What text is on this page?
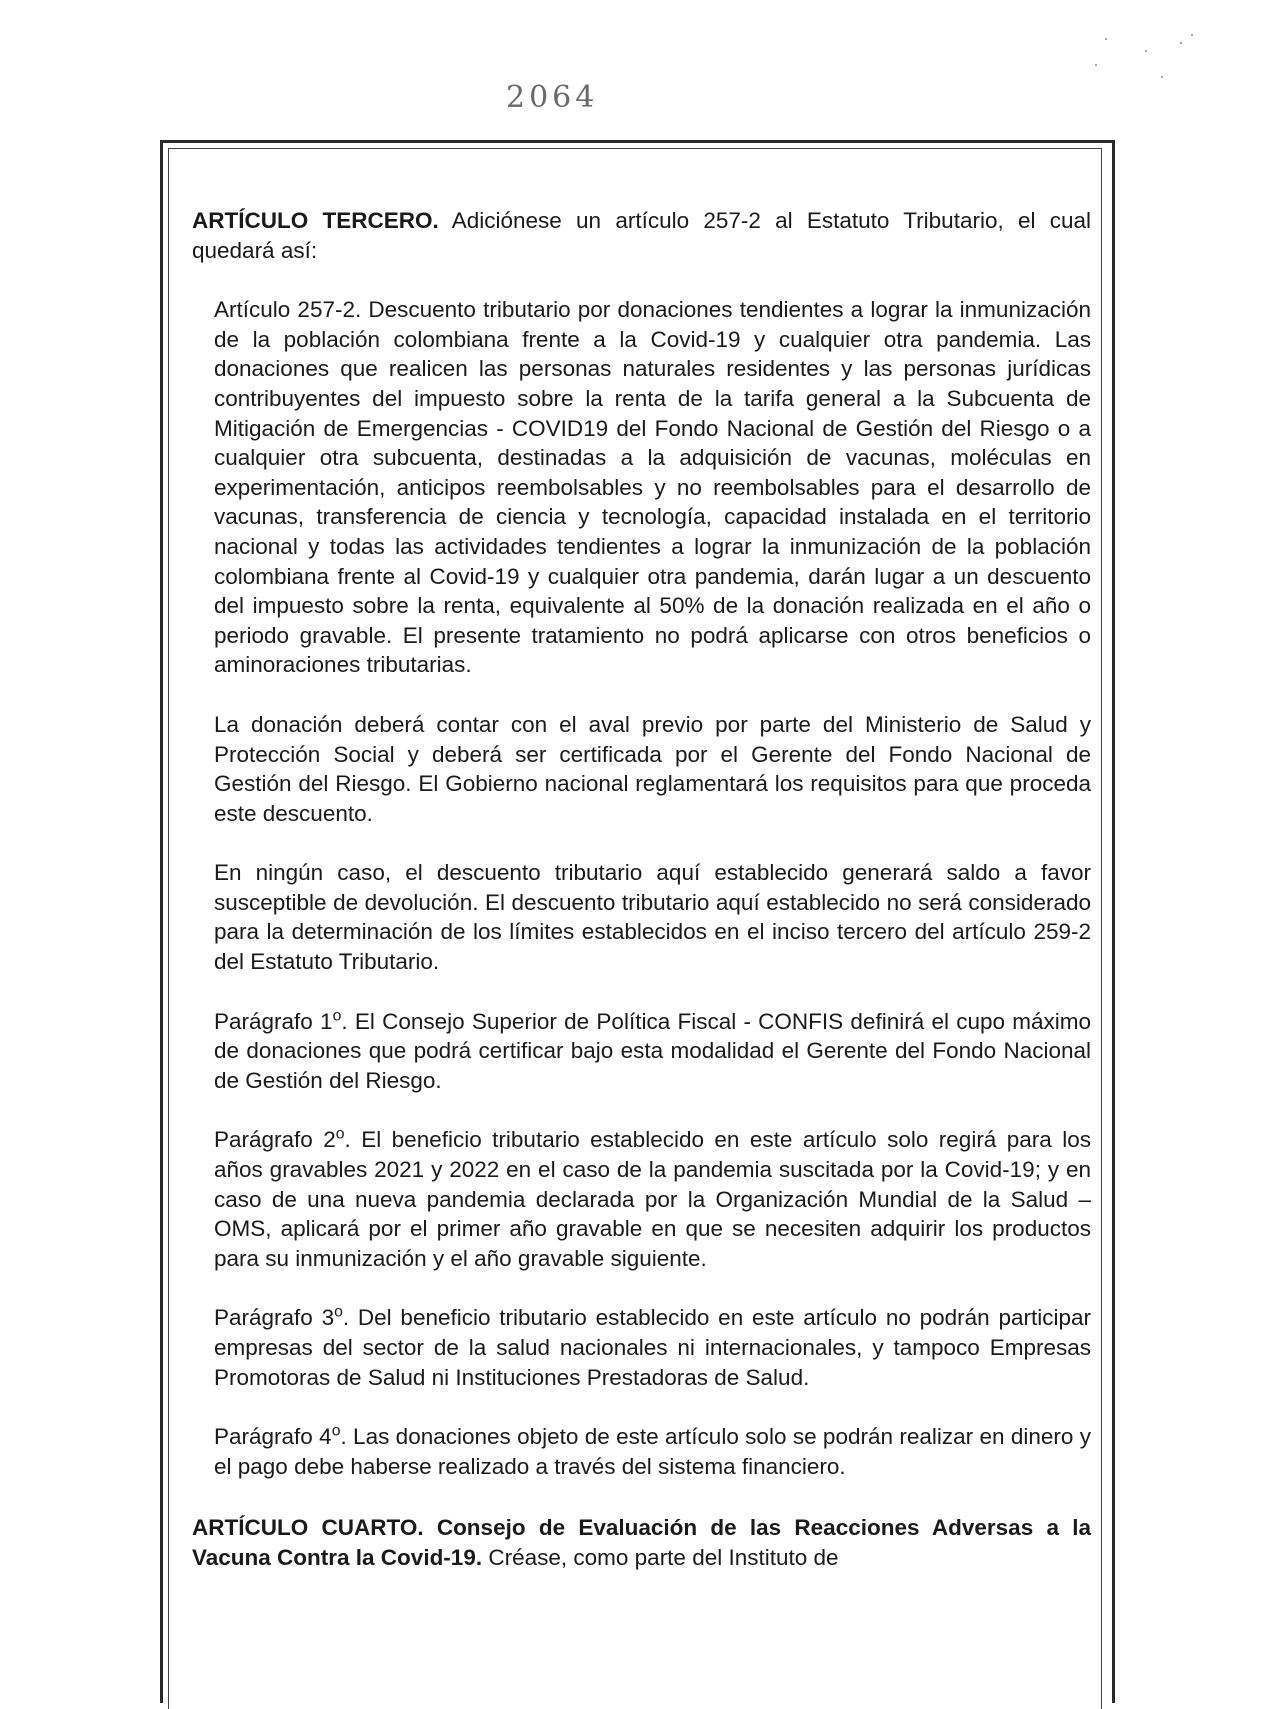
2064

ARTÍCULO TERCERO. Adiciónese un artículo 257-2 al Estatuto Tributario, el cual quedará así:

Artículo 257-2. Descuento tributario por donaciones tendientes a lograr la inmunización de la población colombiana frente a la Covid-19 y cualquier otra pandemia. Las donaciones que realicen las personas naturales residentes y las personas jurídicas contribuyentes del impuesto sobre la renta de la tarifa general a la Subcuenta de Mitigación de Emergencias - COVID19 del Fondo Nacional de Gestión del Riesgo o a cualquier otra subcuenta, destinadas a la adquisición de vacunas, moléculas en experimentación, anticipos reembolsables y no reembolsables para el desarrollo de vacunas, transferencia de ciencia y tecnología, capacidad instalada en el territorio nacional y todas las actividades tendientes a lograr la inmunización de la población colombiana frente al Covid-19 y cualquier otra pandemia, darán lugar a un descuento del impuesto sobre la renta, equivalente al 50% de la donación realizada en el año o periodo gravable. El presente tratamiento no podrá aplicarse con otros beneficios o aminoraciones tributarias.

La donación deberá contar con el aval previo por parte del Ministerio de Salud y Protección Social y deberá ser certificada por el Gerente del Fondo Nacional de Gestión del Riesgo. El Gobierno nacional reglamentará los requisitos para que proceda este descuento.

En ningún caso, el descuento tributario aquí establecido generará saldo a favor susceptible de devolución. El descuento tributario aquí establecido no será considerado para la determinación de los límites establecidos en el inciso tercero del artículo 259-2 del Estatuto Tributario.

Parágrafo 1$^o$. El Consejo Superior de Política Fiscal - CONFIS definirá el cupo máximo de donaciones que podrá certificar bajo esta modalidad el Gerente del Fondo Nacional de Gestión del Riesgo.

Parágrafo 2$^o$. El beneficio tributario establecido en este artículo solo regirá para los años gravables 2021 y 2022 en el caso de la pandemia suscitada por la Covid-19; y en caso de una nueva pandemia declarada por la Organización Mundial de la Salud – OMS, aplicará por el primer año gravable en que se necesiten adquirir los productos para su inmunización y el año gravable siguiente.

Parágrafo 3$^o$. Del beneficio tributario establecido en este artículo no podrán participar empresas del sector de la salud nacionales ni internacionales, y tampoco Empresas Promotoras de Salud ni Instituciones Prestadoras de Salud.

Parágrafo 4$^o$. Las donaciones objeto de este artículo solo se podrán realizar en dinero y el pago debe haberse realizado a través del sistema financiero.

ARTÍCULO CUARTO. Consejo de Evaluación de las Reacciones Adversas a la Vacuna Contra la Covid-19. Créase, como parte del Instituto de
